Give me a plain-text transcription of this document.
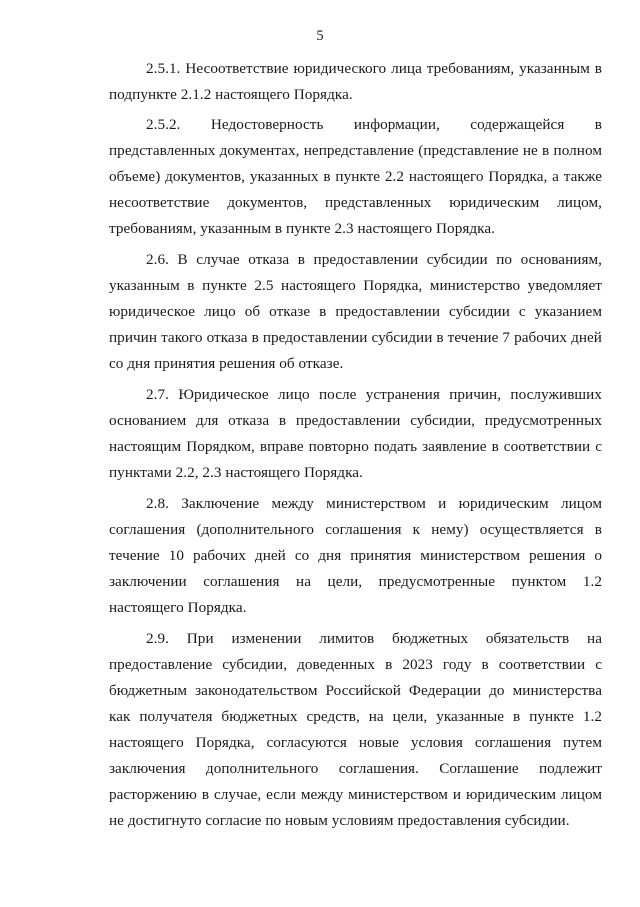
5

2.5.1. Несоответствие юридического лица требованиям, указанным в подпункте 2.1.2 настоящего Порядка.

2.5.2. Недостоверность информации, содержащейся в представленных документах, непредставление (представление не в полном объеме) документов, указанных в пункте 2.2 настоящего Порядка, а также несоответствие документов, представленных юридическим лицом, требованиям, указанным в пункте 2.3 настоящего Порядка.

2.6. В случае отказа в предоставлении субсидии по основаниям, указанным в пункте 2.5 настоящего Порядка, министерство уведомляет юридическое лицо об отказе в предоставлении субсидии с указанием причин такого отказа в предоставлении субсидии в течение 7 рабочих дней со дня принятия решения об отказе.

2.7. Юридическое лицо после устранения причин, послуживших основанием для отказа в предоставлении субсидии, предусмотренных настоящим Порядком, вправе повторно подать заявление в соответствии с пунктами 2.2, 2.3 настоящего Порядка.

2.8. Заключение между министерством и юридическим лицом соглашения (дополнительного соглашения к нему) осуществляется в течение 10 рабочих дней со дня принятия министерством решения о заключении соглашения на цели, предусмотренные пунктом 1.2 настоящего Порядка.

2.9. При изменении лимитов бюджетных обязательств на предоставление субсидии, доведенных в 2023 году в соответствии с бюджетным законодательством Российской Федерации до министерства как получателя бюджетных средств, на цели, указанные в пункте 1.2 настоящего Порядка, согласуются новые условия соглашения путем заключения дополнительного соглашения. Соглашение подлежит расторжению в случае, если между министерством и юридическим лицом не достигнуто согласие по новым условиям предоставления субсидии.
